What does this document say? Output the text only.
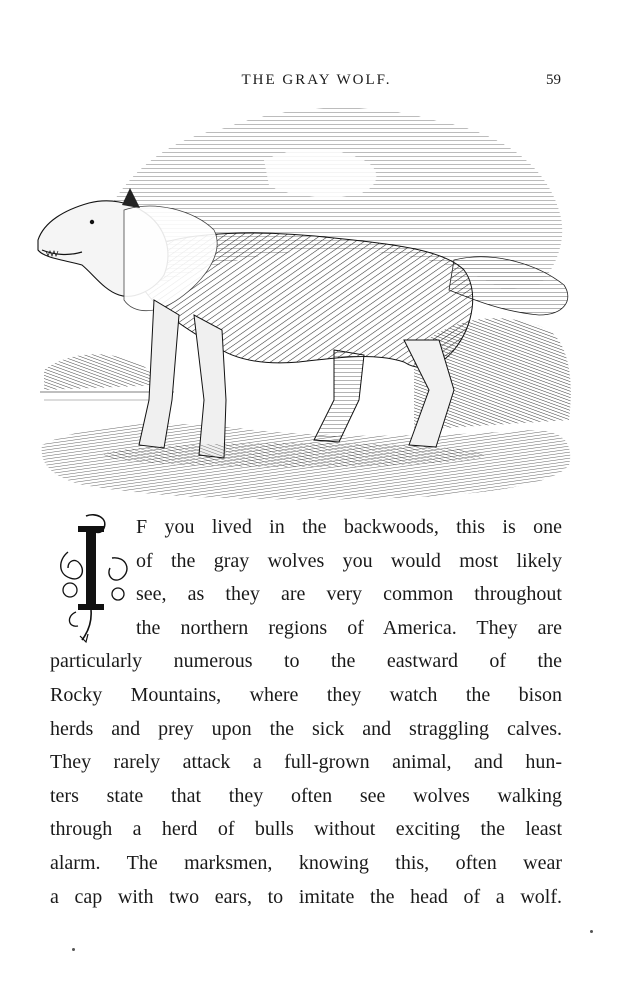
THE GRAY WOLF.	59
F you lived in the backwoods, this is one
of the gray wolves you would most likely
see, as they are very common throughout
the northern regions of America. They are
particularly numerous to the eastward of the
Rocky Mountains, where they watch the bison
herds and prey upon the sick and straggling calves.
They rarely attack a full-grown animal, and hun-
ters state that they often see wolves walking
through a herd of bulls without exciting the least
alarm. The marksmen, knowing this, often wear
a cap with two ears, to imitate the head of a wolf.
